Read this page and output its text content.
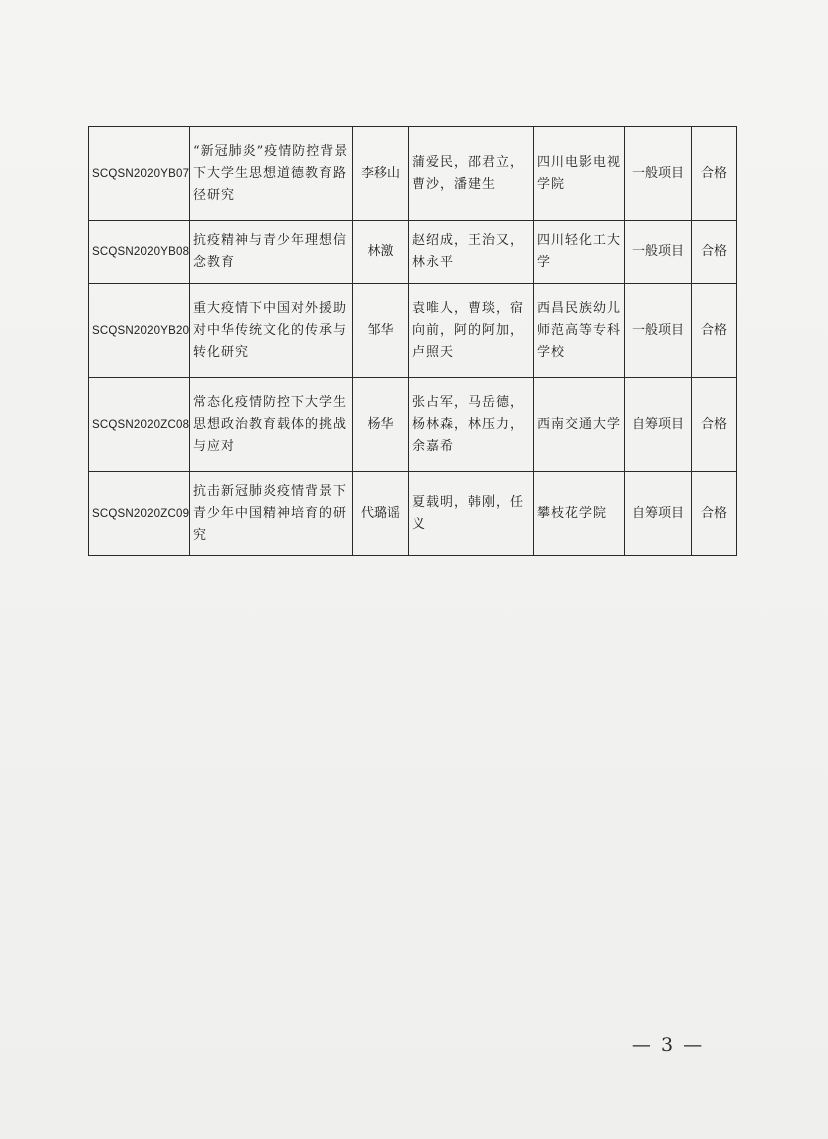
SCQSN2020YB07	“新冠肺炎”疫情防控背景下大学生思想道德教育路径研究	李移山	蒲爱民，邵君立，曹沙，潘建生	四川电影电视学院	一般项目	合格
SCQSN2020YB08	抗疫精神与青少年理想信念教育	林激	赵绍成，王治又，林永平	四川轻化工大学	一般项目	合格
SCQSN2020YB20	重大疫情下中国对外援助对中华传统文化的传承与转化研究	邹华	袁唯人，曹琰，宿向前，阿的阿加，卢照天	西昌民族幼儿师范高等专科学校	一般项目	合格
SCQSN2020ZC08	常态化疫情防控下大学生思想政治教育载体的挑战与应对	杨华	张占军，马岳德，杨林森，林压力，余嘉希	西南交通大学	自筹项目	合格
SCQSN2020ZC09	抗击新冠肺炎疫情背景下青少年中国精神培育的研究	代璐谣	夏载明，韩刚，任义	攀枝花学院	自筹项目	合格
— 3 —
